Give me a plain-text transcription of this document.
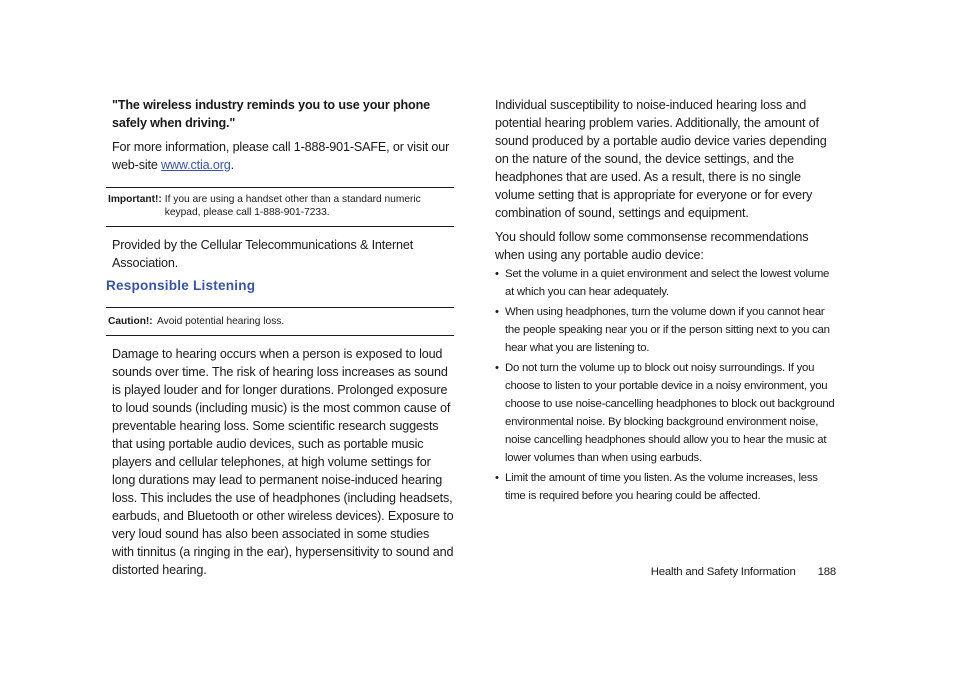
"The wireless industry reminds you to use your phone safely when driving."

For more information, please call 1-888-901-SAFE, or visit our web-site www.ctia.org.

Important!: If you are using a handset other than a standard numeric keypad, please call 1-888-901-7233.

Provided by the Cellular Telecommunications & Internet Association.

Responsible Listening
Caution!: Avoid potential hearing loss.

Damage to hearing occurs when a person is exposed to loud sounds over time. The risk of hearing loss increases as sound is played louder and for longer durations. Prolonged exposure to loud sounds (including music) is the most common cause of preventable hearing loss. Some scientific research suggests that using portable audio devices, such as portable music players and cellular telephones, at high volume settings for long durations may lead to permanent noise-induced hearing loss. This includes the use of headphones (including headsets, earbuds, and Bluetooth or other wireless devices). Exposure to very loud sound has also been associated in some studies with tinnitus (a ringing in the ear), hypersensitivity to sound and distorted hearing.

Individual susceptibility to noise-induced hearing loss and potential hearing problem varies. Additionally, the amount of sound produced by a portable audio device varies depending on the nature of the sound, the device settings, and the headphones that are used. As a result, there is no single volume setting that is appropriate for everyone or for every combination of sound, settings and equipment.

You should follow some commonsense recommendations when using any portable audio device:

• Set the volume in a quiet environment and select the lowest volume at which you can hear adequately.
• When using headphones, turn the volume down if you cannot hear the people speaking near you or if the person sitting next to you can hear what you are listening to.
• Do not turn the volume up to block out noisy surroundings. If you choose to listen to your portable device in a noisy environment, you choose to use noise-cancelling headphones to block out background environmental noise. By blocking background environment noise, noise cancelling headphones should allow you to hear the music at lower volumes than when using earbuds.
• Limit the amount of time you listen. As the volume increases, less time is required before you hearing could be affected.
Health and Safety Information 188
